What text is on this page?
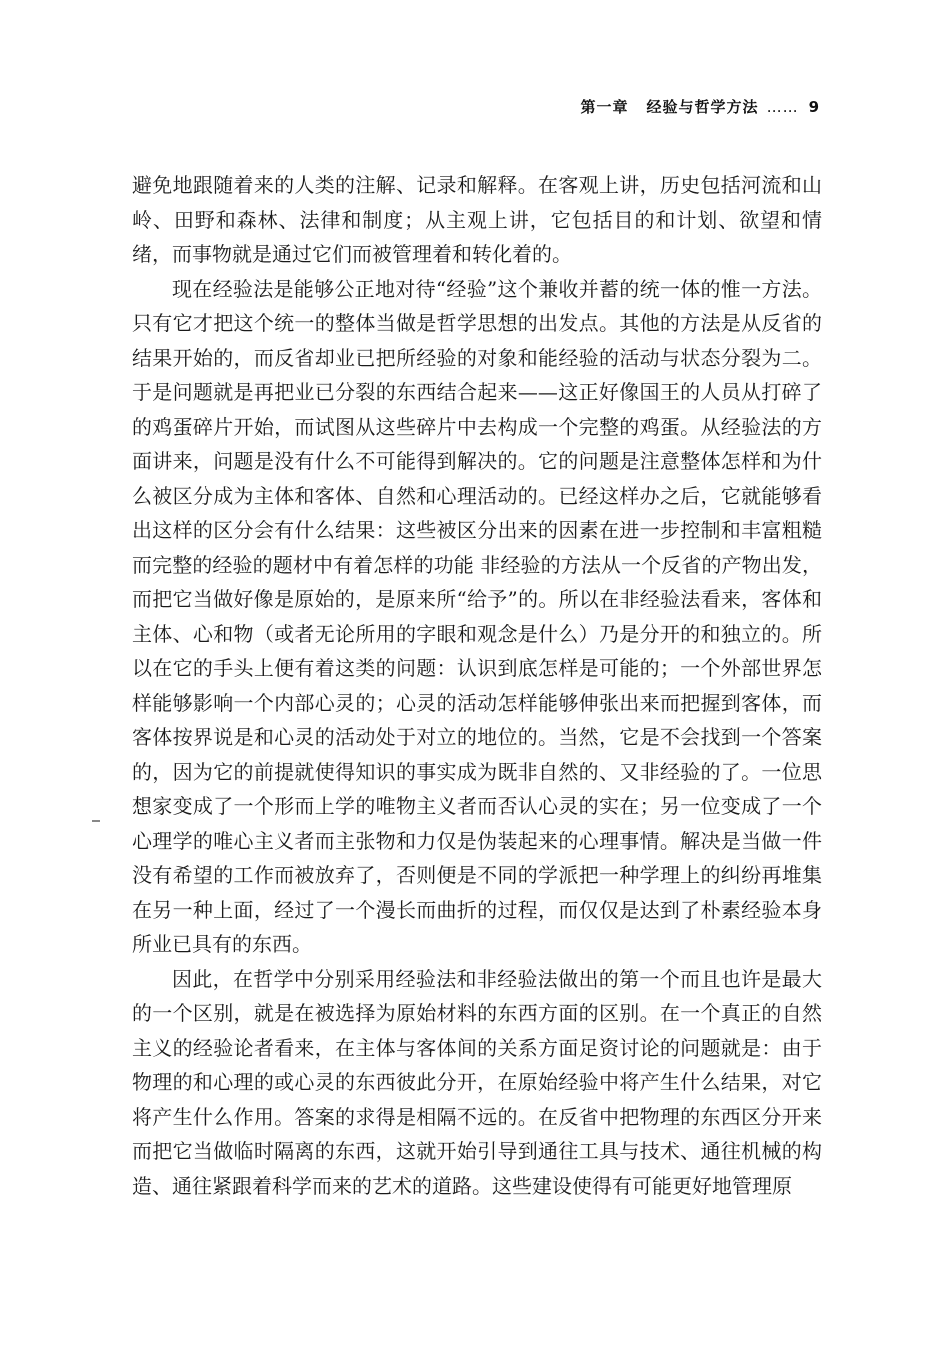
第一章 经验与哲学方法 …… 9

避免地跟随着来的人类的注解、记录和解释。在客观上讲，历史包括河流和山岭、田野和森林、法律和制度；从主观上讲，它包括目的和计划、欲望和情绪，而事物就是通过它们而被管理着和转化着的。

现在经验法是能够公正地对待“经验”这个兼收并蓄的统一体的惟一方法。只有它才把这个统一的整体当做是哲学思想的出发点。其他的方法是从反省的结果开始的，而反省却业已把所经验的对象和能经验的活动与状态分裂为二。于是问题就是再把业已分裂的东西结合起来——这正好像国王的人员从打碎了的鸡蛋碎片开始，而试图从这些碎片中去构成一个完整的鸡蛋。从经验法的方面讲来，问题是没有什么不可能得到解决的。它的问题是注意整体怎样和为什么被区分成为主体和客体、自然和心理活动的。已经这样办之后，它就能够看出这样的区分会有什么结果：这些被区分出来的因素在进一步控制和丰富粗糙而完整的经验的题材中有着怎样的功能 非经验的方法从一个反省的产物出发，而把它当做好像是原始的，是原来所“给予”的。所以在非经验法看来，客体和主体、心和物（或者无论所用的字眼和观念是什么）乃是分开的和独立的。所以在它的手头上便有着这类的问题：认识到底怎样是可能的；一个外部世界怎样能够影响一个内部心灵的；心灵的活动怎样能够伸张出来而把握到客体，而客体按界说是和心灵的活动处于对立的地位的。当然，它是不会找到一个答案的，因为它的前提就使得知识的事实成为既非自然的、又非经验的了。一位思想家变成了一个形而上学的唯物主义者而否认心灵的实在；另一位变成了一个心理学的唯心主义者而主张物和力仅是伪装起来的心理事情。解决是当做一件没有希望的工作而被放弃了，否则便是不同的学派把一种学理上的纠纷再堆集在另一种上面，经过了一个漫长而曲折的过程，而仅仅是达到了朴素经验本身所业已具有的东西。

因此，在哲学中分别采用经验法和非经验法做出的第一个而且也许是最大的一个区别，就是在被选择为原始材料的东西方面的区别。在一个真正的自然主义的经验论者看来，在主体与客体间的关系方面足资讨论的问题就是：由于物理的和心理的或心灵的东西彼此分开，在原始经验中将产生什么结果，对它将产生什么作用。答案的求得是相隔不远的。在反省中把物理的东西区分开来而把它当做临时隔离的东西，这就开始引导到通往工具与技术、通往机械的构造、通往紧跟着科学而来的艺术的道路。这些建设使得有可能更好地管理原
